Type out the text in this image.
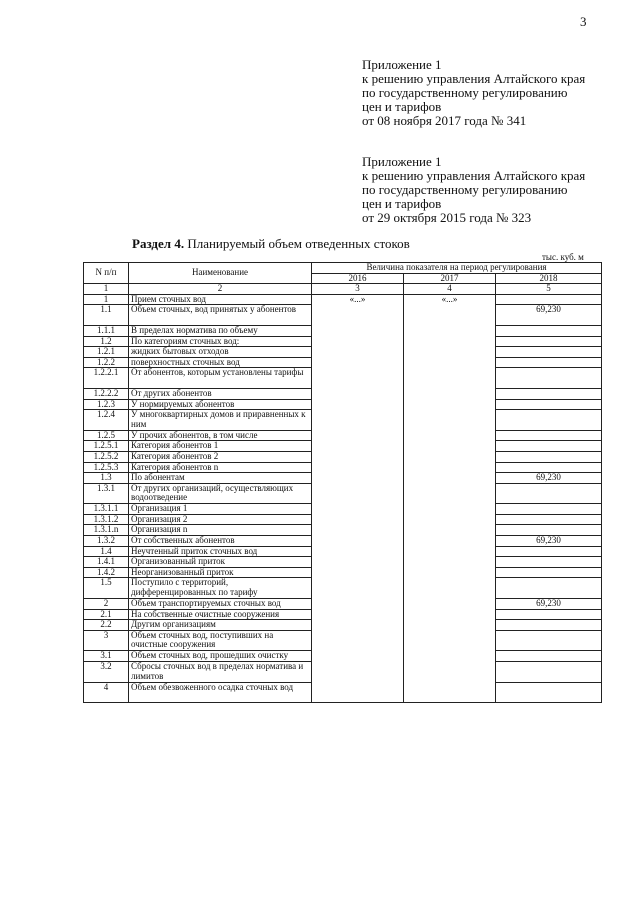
3
Приложение 1
к решению управления Алтайского края
по государственному регулированию
цен и тарифов
от 08 ноября 2017 года № 341
Приложение 1
к решению управления Алтайского края
по государственному регулированию
цен и тарифов
от 29 октября 2015 года № 323
Раздел 4. Планируемый объем отведенных стоков
тыс. куб. м
N п/п	Наименование	Величина показателя на период регулирования		
		2016	2017	2018
1	2	3	4	5
1	Прием сточных вод	«...»	«...»	
1.1	Объем сточных, вод принятых у абонентов			69,230
1.1.1	В пределах норматива по объему			
1.2	По категориям сточных вод:			
1.2.1	жидких бытовых отходов			
1.2.2	поверхностных сточных вод			
1.2.2.1	От абонентов, которым установлены тарифы			
1.2.2.2	От других абонентов			
1.2.3	У нормируемых абонентов			
1.2.4	У многоквартирных домов и приравненных к ним			
1.2.5	У прочих абонентов, в том числе			
1.2.5.1	Категория абонентов 1			
1.2.5.2	Категория абонентов 2			
1.2.5.3	Категория абонентов n			
1.3	По абонентам			69,230
1.3.1	От других организаций, осуществляющих водоотведение			
1.3.1.1	Организация 1			
1.3.1.2	Организация 2			
1.3.1.n	Организация n			
1.3.2	От собственных абонентов			69,230
1.4	Неучтенный приток сточных вод			
1.4.1	Организованный приток			
1.4.2	Неорганизованный приток			
1.5	Поступило с территорий, дифференцированных по тарифу			
2	Объем транспортируемых сточных вод			69,230
2.1	На собственные очистные сооружения			
2.2	Другим организациям			
3	Объем сточных вод, поступивших на очистные сооружения			
3.1	Объем сточных вод, прошедших очистку			
3.2	Сбросы сточных вод в пределах норматива и лимитов			
4	Объем обезвоженного осадка сточных вод			
